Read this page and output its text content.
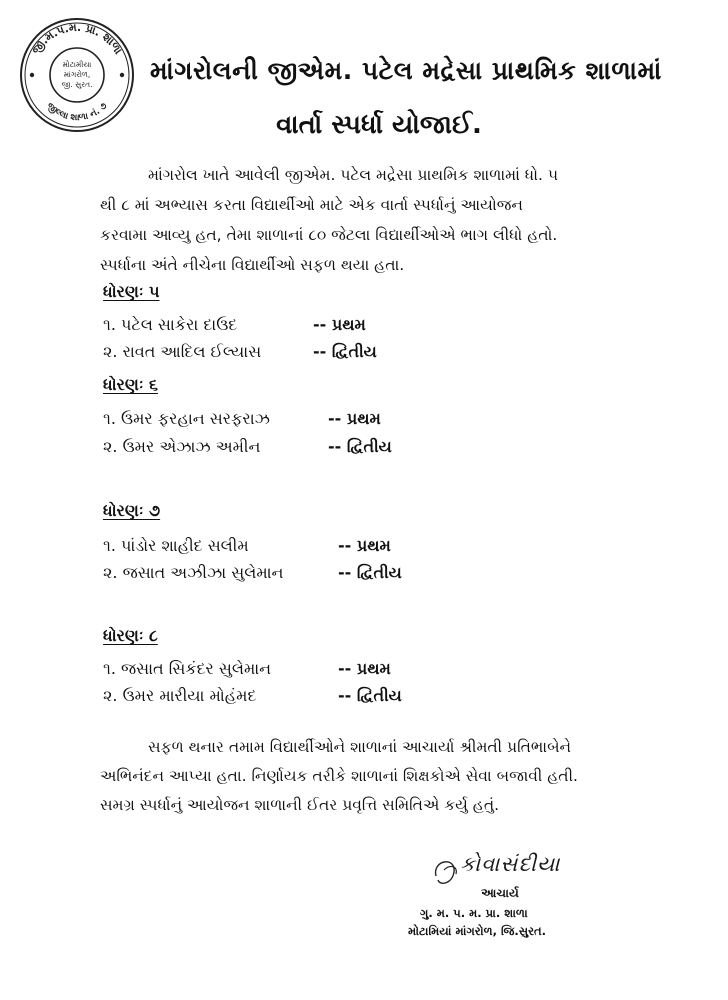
જી.મ.પ.મ. પ્રા. શાળા
જીલ્લા શાળા નં. ૭
મોટામીયા
માંગરોળ,
જી. સુરત. માંગરોલની જીએમ. પટેલ મદ્રેસા પ્રાથમિક શાળામાં
વાર્તા સ્પર્ધા યોજાઈ.
માંગરોલ ખાતે આવેલી જીએમ. પટેલ મદ્રેસા પ્રાથમિક શાળામાં ધો. ૫
થી ૮ માં અભ્યાસ કરતા વિદ્યાર્થીઓ માટે એક વાર્તા સ્પર્ધાનું આયોજન
કરવામા આવ્યુ હત, તેમા શાળાનાં ૮૦ જેટલા વિદ્યાર્થીઓએ ભાગ લીધો હતો.
સ્પર્ધાના અંતે નીચેના વિદ્યાર્થીઓ સફળ થયા હતા.
ધોરણઃ ૫
૧. પટેલ સાકેરા દાઉદ	-- પ્રથમ
૨. રાવત આદિલ ઈલ્યાસ	-- દ્વિતીય
ધોરણઃ ૬
૧. ઉમર ફરહાન સરફરાઝ	-- પ્રથમ
૨. ઉમર એઝાઝ અમીન	-- દ્વિતીય
ધોરણઃ ૭
૧. પાંડોર શાહીદ સલીમ	-- પ્રથમ
૨. જસાત અઝીઝા સુલેમાન	-- દ્વિતીય
ધોરણઃ ૮
૧. જસાત સિકંદર સુલેમાન	-- પ્રથમ
૨. ઉમર મારીયા મોહંમદ	-- દ્વિતીય
સફળ થનાર તમામ વિદ્યાર્થીઓને શાળાનાં આચાર્યા શ્રીમતી પ્રતિભાબેને
અભિનંદન આપ્યા હતા. નિર્ણાયક તરીકે શાળાનાં શિક્ષકોએ સેવા બજાવી હતી.
સમગ્ર સ્પર્ધાનું આયોજન શાળાની ઈતર પ્રવૃત્તિ સમિતિએ કર્યુ હતું.
કોવાસંદીયા
આચાર્ય
ગુ. મ. પ. મ. પ્રા. શાળા
મોટામિયાં માંગરોળ, જિ.સુરત.
